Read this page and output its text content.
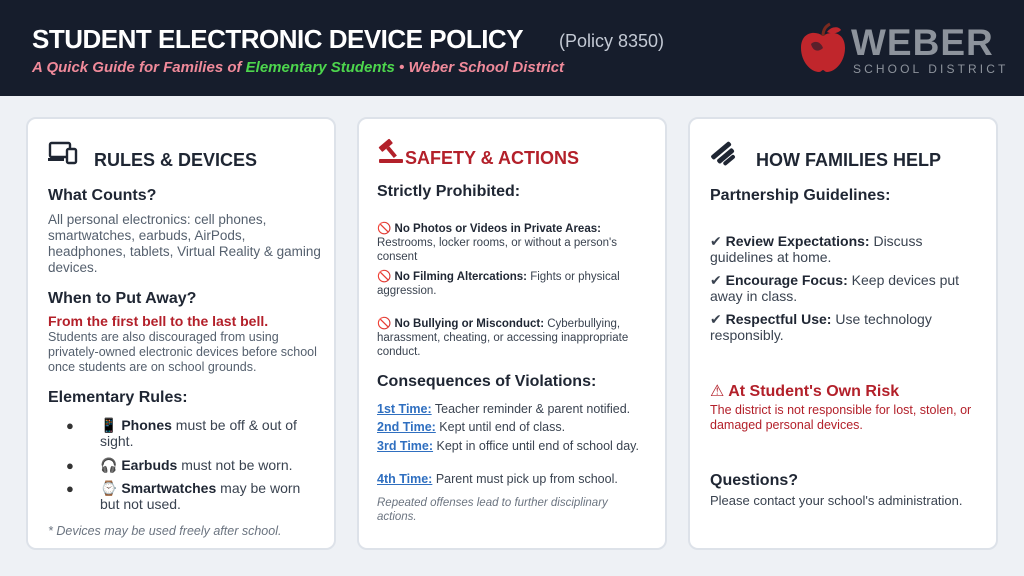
STUDENT ELECTRONIC DEVICE POLICY (Policy 8350)
A Quick Guide for Families of Elementary Students • Weber School District
WEBER
SCHOOL DISTRICT
RULES & DEVICES
What Counts?
All personal electronics: cell phones, smartwatches, earbuds, AirPods, headphones, tablets, Virtual Reality & gaming devices.
When to Put Away?
From the first bell to the last bell.
Students are also discouraged from using privately-owned electronic devices before school once students are on school grounds.
Elementary Rules:
● 📱 Phones must be off & out of sight.
● 🎧 Earbuds must not be worn.
● ⌚ Smartwatches may be worn but not used.
* Devices may be used freely after school.
SAFETY & ACTIONS
Strictly Prohibited:
🚫 No Photos or Videos in Private Areas: Restrooms, locker rooms, or without a person's consent
🚫 No Filming Altercations: Fights or physical aggression.
🚫 No Bullying or Misconduct: Cyberbullying, harassment, cheating, or accessing inappropriate conduct.
Consequences of Violations:
1st Time: Teacher reminder & parent notified.
2nd Time: Kept until end of class.
3rd Time: Kept in office until end of school day.
4th Time: Parent must pick up from school.
Repeated offenses lead to further disciplinary actions.
HOW FAMILIES HELP
Partnership Guidelines:
✔ Review Expectations: Discuss guidelines at home.
✔ Encourage Focus: Keep devices put away in class.
✔ Respectful Use: Use technology responsibly.
⚠ At Student's Own Risk
The district is not responsible for lost, stolen, or damaged personal devices.
Questions?
Please contact your school's administration.
